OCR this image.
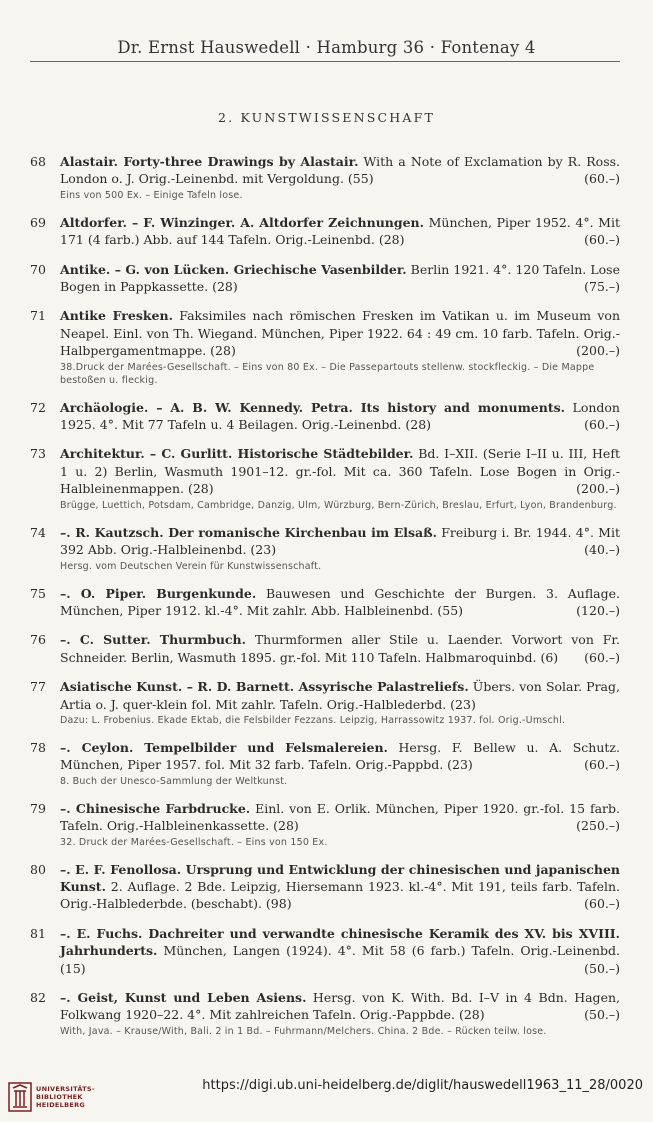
Dr. Ernst Hauswedell · Hamburg 36 · Fontenay 4
2. KUNSTWISSENSCHAFT
68	Alastair. Forty-three Drawings by Alastair. With a Note of Exclamation by R. Ross. London o. J. Orig.-Leinenbd. mit Vergoldung. (55)	(60.–)

Eins von 500 Ex. – Einige Tafeln lose.
69	Altdorfer. – F. Winzinger. A. Altdorfer Zeichnungen. München, Piper 1952. 4°. Mit 171 (4 farb.) Abb. auf 144 Tafeln. Orig.-Leinenbd. (28)	(60.–)

70	Antike. – G. von Lücken. Griechische Vasenbilder. Berlin 1921. 4°. 120 Tafeln. Lose Bogen in Pappkassette. (28)	(75.–)

71	Antike Fresken. Faksimiles nach römischen Fresken im Vatikan u. im Museum von Neapel. Einl. von Th. Wiegand. München, Piper 1922. 64 : 49 cm. 10 farb. Tafeln. Orig.-Halbpergamentmappe. (28)	(200.–)

38.Druck der Marées-Gesellschaft. – Eins von 80 Ex. – Die Passepartouts stellenw. stockfleckig. – Die Mappe bestoßen u. fleckig.
72	Archäologie. – A. B. W. Kennedy. Petra. Its history and monuments. London 1925. 4°. Mit 77 Tafeln u. 4 Beilagen. Orig.-Leinenbd. (28)	(60.–)

73	Architektur. – C. Gurlitt. Historische Städtebilder. Bd. I–XII. (Serie I–II u. III, Heft 1 u. 2) Berlin, Wasmuth 1901–12. gr.-fol. Mit ca. 360 Tafeln. Lose Bogen in Orig.-Halbleinenmappen. (28)	(200.–)

Brügge, Luettich, Potsdam, Cambridge, Danzig, Ulm, Würzburg, Bern-Zürich, Breslau, Erfurt, Lyon, Brandenburg.
74	–. R. Kautzsch. Der romanische Kirchenbau im Elsaß. Freiburg i. Br. 1944. 4°. Mit 392 Abb. Orig.-Halbleinenbd. (23)	(40.–)

Hersg. vom Deutschen Verein für Kunstwissenschaft.
75	–. O. Piper. Burgenkunde. Bauwesen und Geschichte der Burgen. 3. Auflage. München, Piper 1912. kl.-4°. Mit zahlr. Abb. Halbleinenbd. (55)	(120.–)

76	–. C. Sutter. Thurmbuch. Thurmformen aller Stile u. Laender. Vorwort von Fr. Schneider. Berlin, Wasmuth 1895. gr.-fol. Mit 110 Tafeln. Halbmaroquinbd. (6) (60.–)

77	Asiatische Kunst. – R. D. Barnett. Assyrische Palastreliefs. Übers. von Solar. Prag, Artia o. J. quer-klein fol. Mit zahlr. Tafeln. Orig.-Halblederbd. (23)

Dazu: L. Frobenius. Ekade Ektab, die Felsbilder Fezzans. Leipzig, Harrassowitz 1937. fol. Orig.-Umschl.
78	–. Ceylon. Tempelbilder und Felsmalereien. Hersg. F. Bellew u. A. Schutz. München, Piper 1957. fol. Mit 32 farb. Tafeln. Orig.-Pappbd. (23)	(60.–)

8. Buch der Unesco-Sammlung der Weltkunst.
79	–. Chinesische Farbdrucke. Einl. von E. Orlik. München, Piper 1920. gr.-fol. 15 farb. Tafeln. Orig.-Halbleinenkassette. (28)	(250.–)

32. Druck der Marées-Gesellschaft. – Eins von 150 Ex.
80	–. E. F. Fenollosa. Ursprung und Entwicklung der chinesischen und japanischen Kunst. 2. Auflage. 2 Bde. Leipzig, Hiersemann 1923. kl.-4°. Mit 191, teils farb. Tafeln. Orig.-Halblederbde. (beschabt). (98)	(60.–)

81	–. E. Fuchs. Dachreiter und verwandte chinesische Keramik des XV. bis XVIII. Jahrhunderts. München, Langen (1924). 4°. Mit 58 (6 farb.) Tafeln. Orig.-Leinenbd. (15)	(50.–)

82	–. Geist, Kunst und Leben Asiens. Hersg. von K. With. Bd. I–V in 4 Bdn. Hagen, Folkwang 1920–22. 4°. Mit zahlreichen Tafeln. Orig.-Pappbde. (28)	(50.–)

With, Java. – Krause/With, Bali. 2 in 1 Bd. – Fuhrmann/Melchers. China. 2 Bde. – Rücken teilw. lose.
UNIVERSITÄTS-
BIBLIOTHEK
HEIDELBERG
https://digi.ub.uni-heidelberg.de/diglit/hauswedell1963_11_28/0020
